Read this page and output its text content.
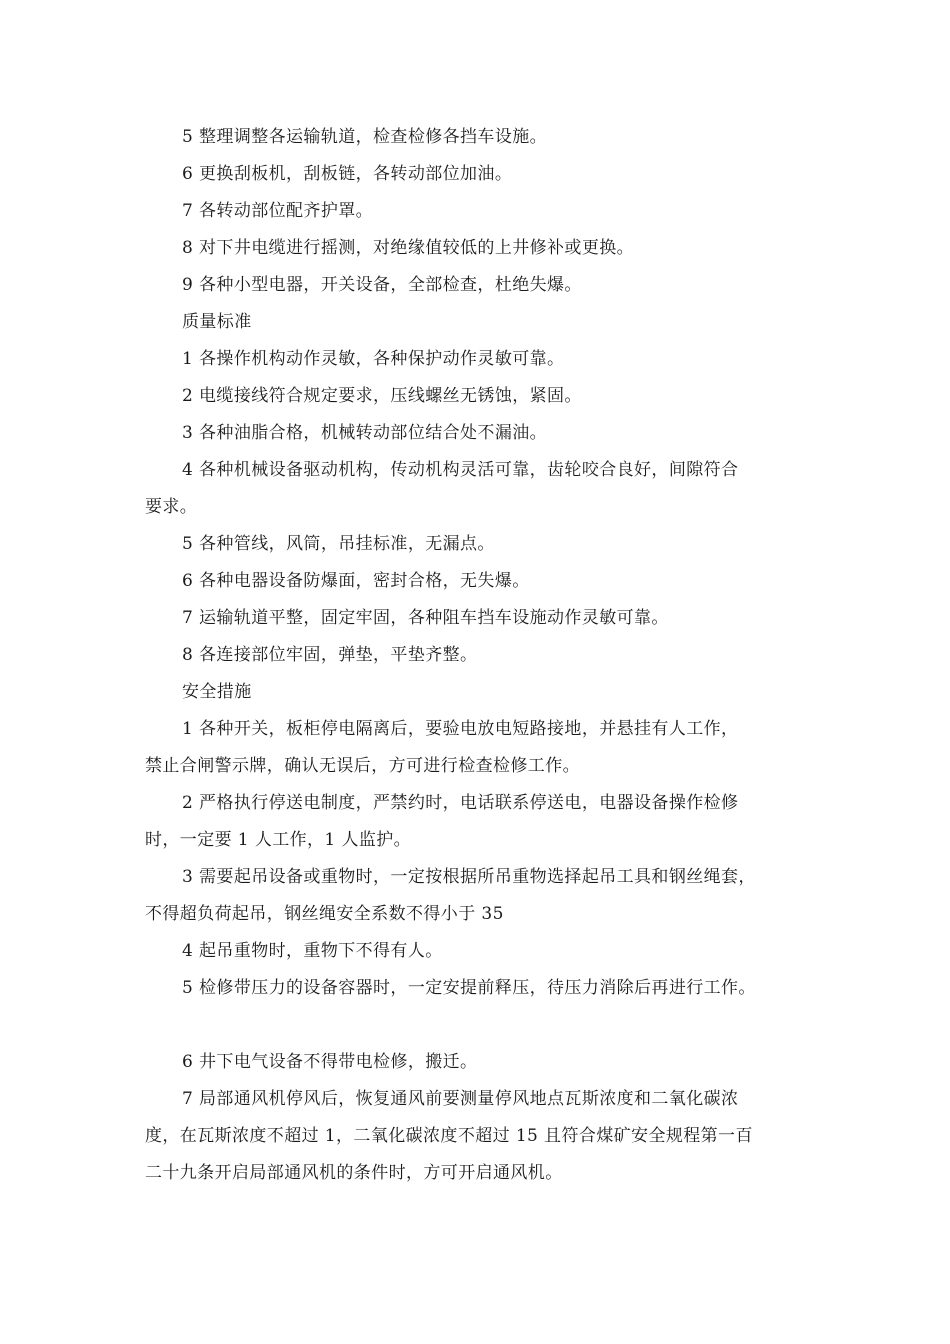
5 整理调整各运输轨道，检查检修各挡车设施。
6 更换刮板机，刮板链，各转动部位加油。
7 各转动部位配齐护罩。
8 对下井电缆进行摇测，对绝缘值较低的上井修补或更换。
9 各种小型电器，开关设备，全部检查，杜绝失爆。
质量标准
1 各操作机构动作灵敏，各种保护动作灵敏可靠。
2 电缆接线符合规定要求，压线螺丝无锈蚀，紧固。
3 各种油脂合格，机械转动部位结合处不漏油。
4 各种机械设备驱动机构，传动机构灵活可靠，齿轮咬合良好，间隙符合
要求。
5 各种管线，风筒，吊挂标准，无漏点。
6 各种电器设备防爆面，密封合格，无失爆。
7 运输轨道平整，固定牢固，各种阻车挡车设施动作灵敏可靠。
8 各连接部位牢固，弹垫，平垫齐整。
安全措施
1 各种开关，板柜停电隔离后，要验电放电短路接地，并悬挂有人工作，
禁止合闸警示牌，确认无误后，方可进行检查检修工作。
2 严格执行停送电制度，严禁约时，电话联系停送电，电器设备操作检修
时，一定要 1 人工作，1 人监护。
3 需要起吊设备或重物时，一定按根据所吊重物选择起吊工具和钢丝绳套，
不得超负荷起吊，钢丝绳安全系数不得小于 35
4 起吊重物时，重物下不得有人。
5 检修带压力的设备容器时，一定安提前释压，待压力消除后再进行工作。
6 井下电气设备不得带电检修，搬迁。
7 局部通风机停风后，恢复通风前要测量停风地点瓦斯浓度和二氧化碳浓
度，在瓦斯浓度不超过 1，二氧化碳浓度不超过 15 且符合煤矿安全规程第一百
二十九条开启局部通风机的条件时，方可开启通风机。
